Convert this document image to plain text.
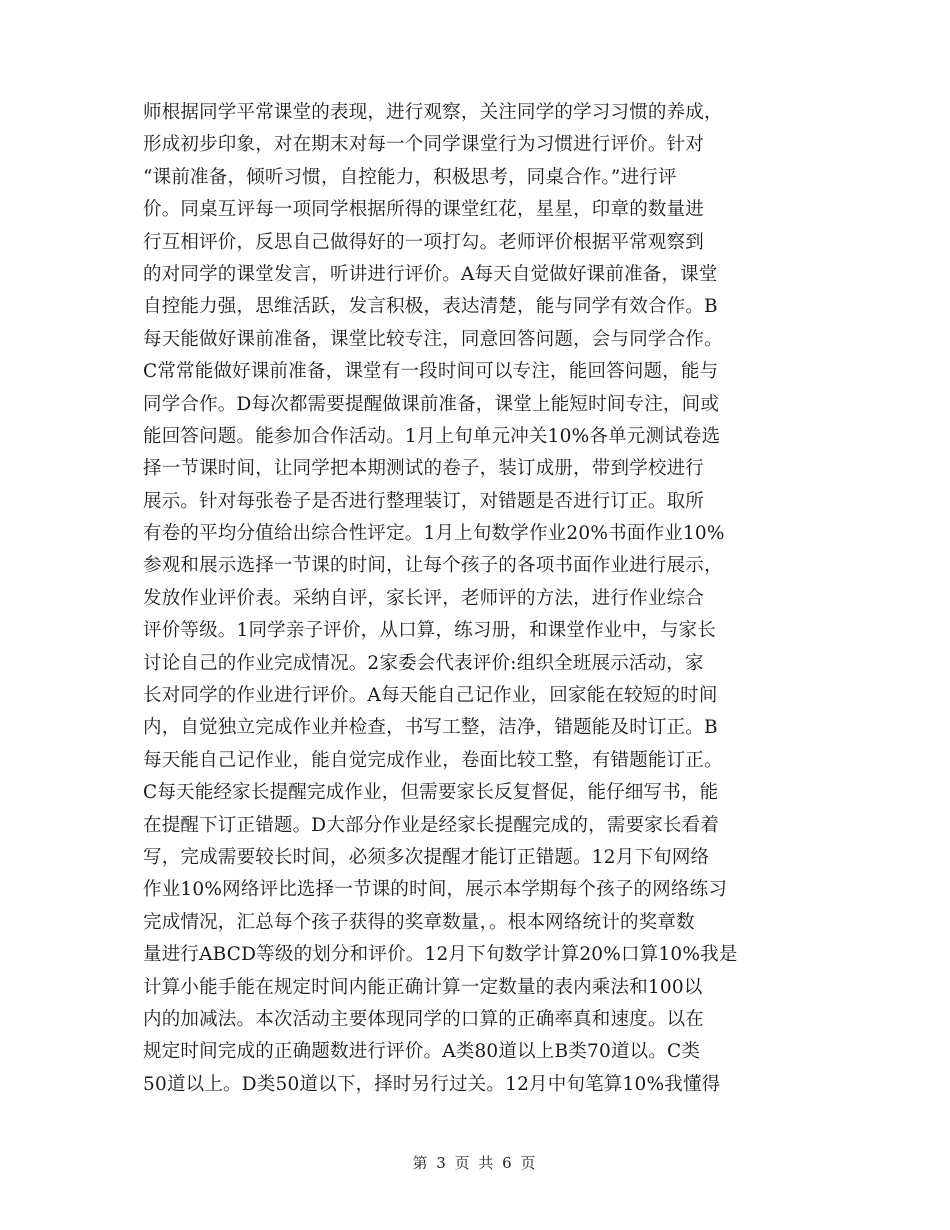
师根据同学平常课堂的表现，进行观察，关注同学的学习习惯的养成，
形成初步印象，对在期末对每一个同学课堂行为习惯进行评价。针对
“课前准备，倾听习惯，自控能力，积极思考，同桌合作。”进行评
价。同桌互评每一项同学根据所得的课堂红花，星星，印章的数量进
行互相评价，反思自己做得好的一项打勾。老师评价根据平常观察到
的对同学的课堂发言，听讲进行评价。A每天自觉做好课前准备，课堂
自控能力强，思维活跃，发言积极，表达清楚，能与同学有效合作。B
每天能做好课前准备，课堂比较专注，同意回答问题，会与同学合作。
C常常能做好课前准备，课堂有一段时间可以专注，能回答问题，能与
同学合作。D每次都需要提醒做课前准备，课堂上能短时间专注，间或
能回答问题。能参加合作活动。1月上旬单元冲关10%各单元测试卷选
择一节课时间，让同学把本期测试的卷子，装订成册，带到学校进行
展示。针对每张卷子是否进行整理装订，对错题是否进行订正。取所
有卷的平均分值给出综合性评定。1月上旬数学作业20%书面作业10%
参观和展示选择一节课的时间，让每个孩子的各项书面作业进行展示，
发放作业评价表。采纳自评，家长评，老师评的方法，进行作业综合
评价等级。1同学亲子评价，从口算，练习册，和课堂作业中，与家长
讨论自己的作业完成情况。2家委会代表评价:组织全班展示活动，家
长对同学的作业进行评价。A每天能自己记作业，回家能在较短的时间
内，自觉独立完成作业并检查，书写工整，洁净，错题能及时订正。B
每天能自己记作业，能自觉完成作业，卷面比较工整，有错题能订正。
C每天能经家长提醒完成作业，但需要家长反复督促，能仔细写书，能
在提醒下订正错题。D大部分作业是经家长提醒完成的，需要家长看着
写，完成需要较长时间，必须多次提醒才能订正错题。12月下旬网络
作业10%网络评比选择一节课的时间，展示本学期每个孩子的网络练习
完成情况，汇总每个孩子获得的奖章数量，。根本网络统计的奖章数
量进行ABCD等级的划分和评价。12月下旬数学计算20%口算10%我是
计算小能手能在规定时间内能正确计算一定数量的表内乘法和100以
内的加减法。本次活动主要体现同学的口算的正确率真和速度。以在
规定时间完成的正确题数进行评价。A类80道以上B类70道以。C类
50道以上。D类50道以下，择时另行过关。12月中旬笔算10%我懂得
第 3 页 共 6 页
